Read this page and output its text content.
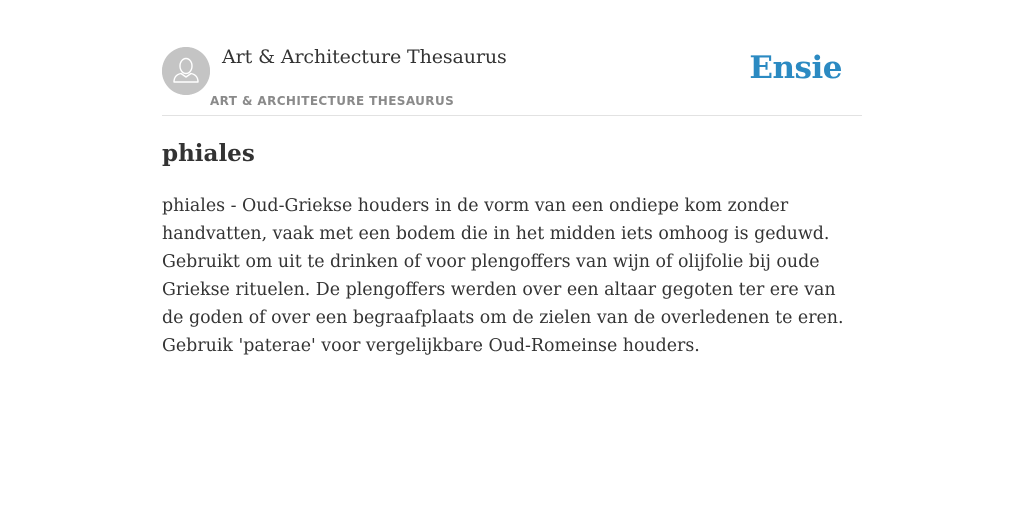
Art & Architecture Thesaurus
ART & ARCHITECTURE THESAURUS
Ensie
phiales

phiales - Oud-Griekse houders in de vorm van een ondiepe kom zonder handvatten, vaak met een bodem die in het midden iets omhoog is geduwd. Gebruikt om uit te drinken of voor plengoffers van wijn of olijfolie bij oude Griekse rituelen. De plengoffers werden over een altaar gegoten ter ere van de goden of over een begraafplaats om de zielen van de overledenen te eren. Gebruik 'paterae' voor vergelijkbare Oud-Romeinse houders.
